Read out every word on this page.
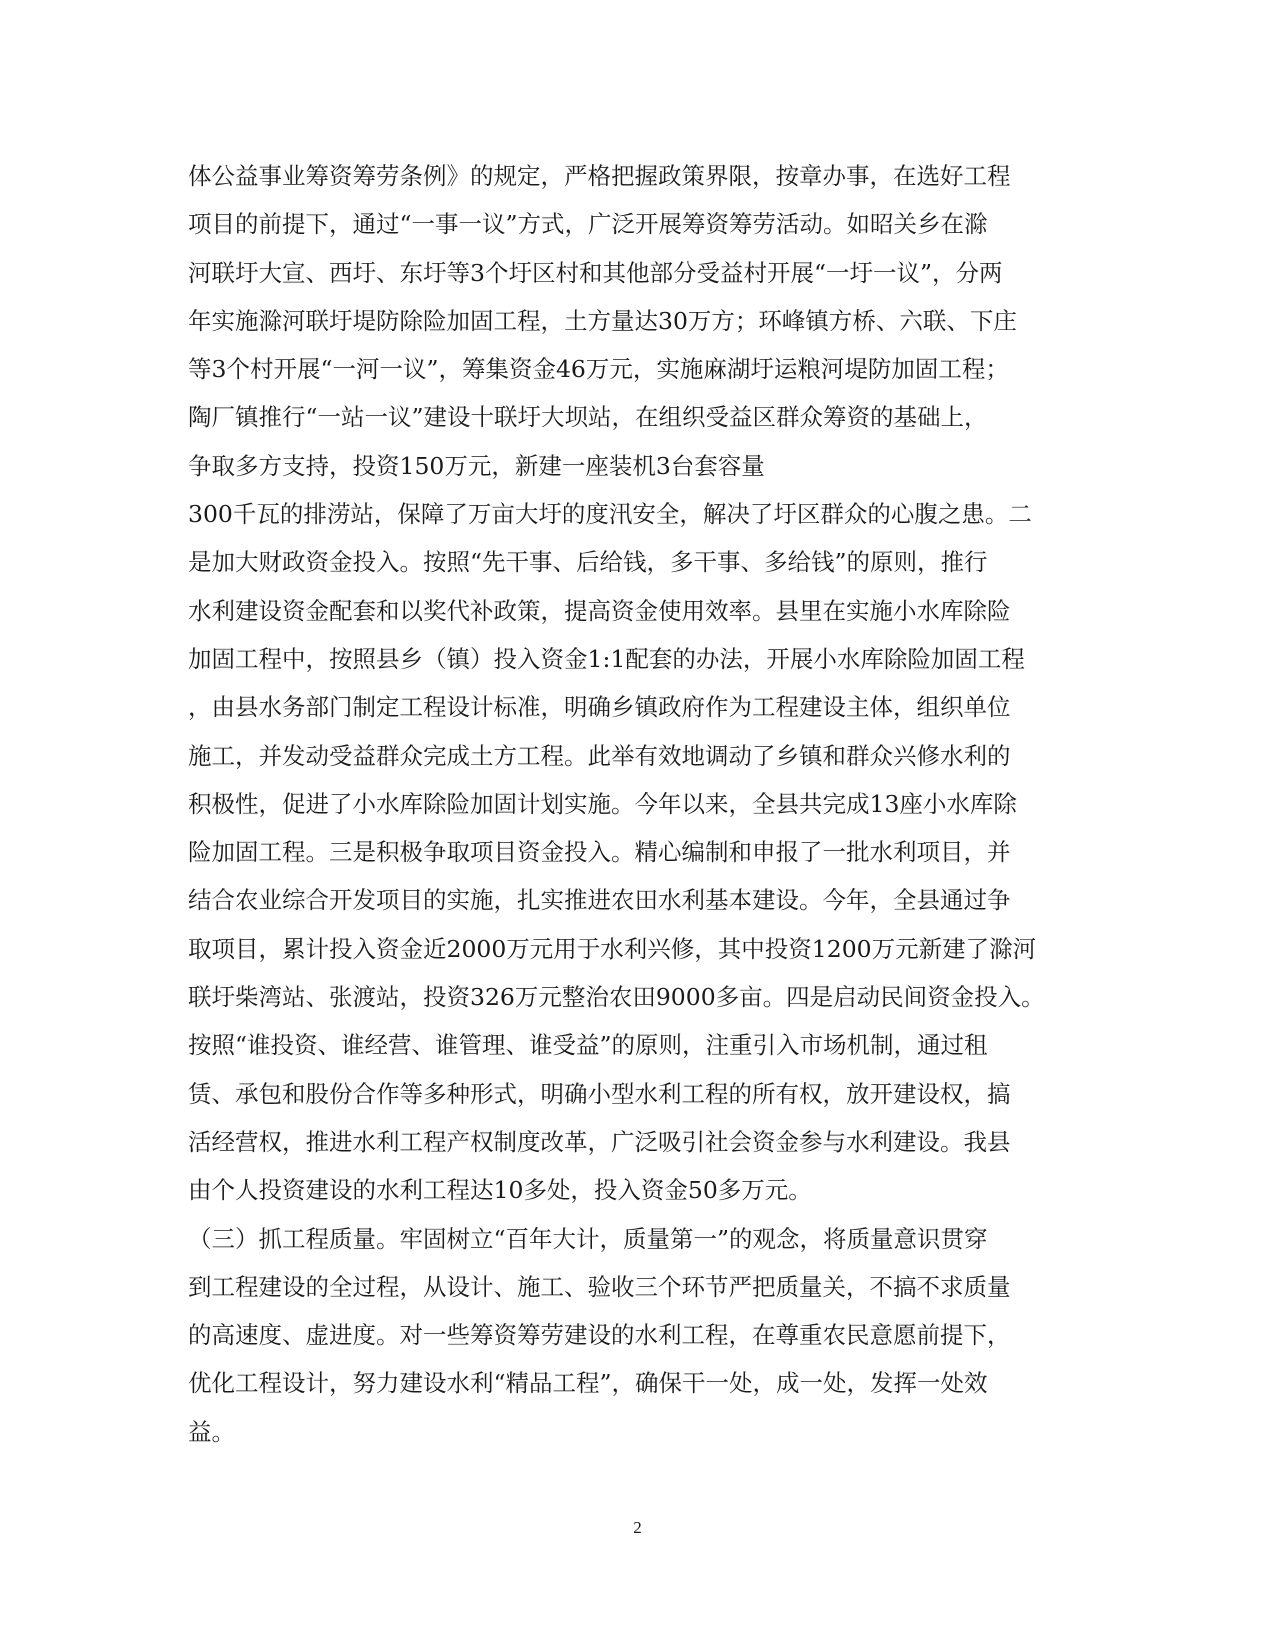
体公益事业筹资筹劳条例》的规定，严格把握政策界限，按章办事，在选好工程
项目的前提下，通过“一事一议”方式，广泛开展筹资筹劳活动。如昭关乡在滁
河联圩大宣、西圩、东圩等3个圩区村和其他部分受益村开展“一圩一议”，分两
年实施滁河联圩堤防除险加固工程，土方量达30万方；环峰镇方桥、六联、下庄
等3个村开展“一河一议”，筹集资金46万元，实施麻湖圩运粮河堤防加固工程；
陶厂镇推行“一站一议”建设十联圩大坝站，在组织受益区群众筹资的基础上，
争取多方支持，投资150万元，新建一座装机3台套容量
300千瓦的排涝站，保障了万亩大圩的度汛安全，解决了圩区群众的心腹之患。二
是加大财政资金投入。按照“先干事、后给钱，多干事、多给钱”的原则，推行
水利建设资金配套和以奖代补政策，提高资金使用效率。县里在实施小水库除险
加固工程中，按照县乡（镇）投入资金1:1配套的办法，开展小水库除险加固工程
，由县水务部门制定工程设计标准，明确乡镇政府作为工程建设主体，组织单位
施工，并发动受益群众完成土方工程。此举有效地调动了乡镇和群众兴修水利的
积极性，促进了小水库除险加固计划实施。今年以来，全县共完成13座小水库除
险加固工程。三是积极争取项目资金投入。精心编制和申报了一批水利项目，并
结合农业综合开发项目的实施，扎实推进农田水利基本建设。今年，全县通过争
取项目，累计投入资金近2000万元用于水利兴修，其中投资1200万元新建了滁河
联圩柴湾站、张渡站，投资326万元整治农田9000多亩。四是启动民间资金投入。
按照“谁投资、谁经营、谁管理、谁受益”的原则，注重引入市场机制，通过租
赁、承包和股份合作等多种形式，明确小型水利工程的所有权，放开建设权，搞
活经营权，推进水利工程产权制度改革，广泛吸引社会资金参与水利建设。我县
由个人投资建设的水利工程达10多处，投入资金50多万元。
（三）抓工程质量。牢固树立“百年大计，质量第一”的观念，将质量意识贯穿
到工程建设的全过程，从设计、施工、验收三个环节严把质量关，不搞不求质量
的高速度、虚进度。对一些筹资筹劳建设的水利工程，在尊重农民意愿前提下，
优化工程设计，努力建设水利“精品工程”，确保干一处，成一处，发挥一处效
益。
2
